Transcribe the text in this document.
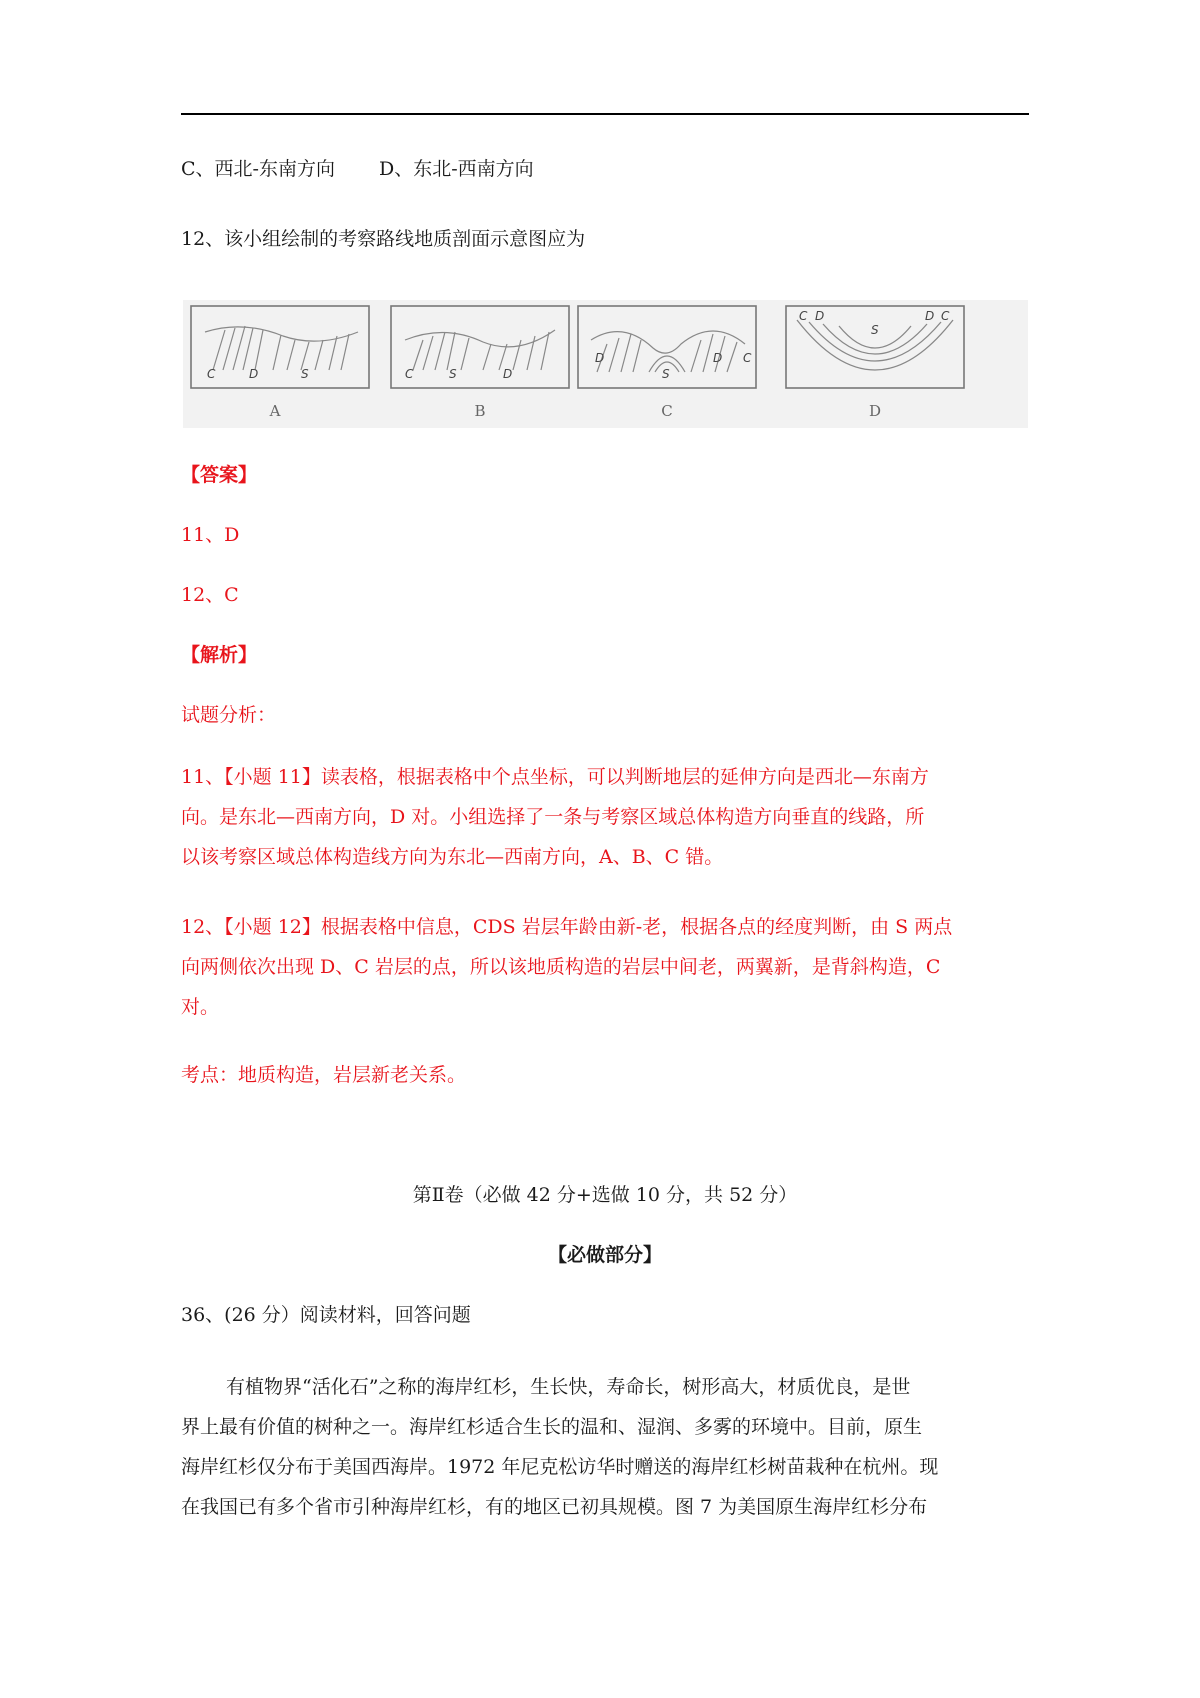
C、西北-东南方向 D、东北-西南方向
12、该小组绘制的考察路线地质剖面示意图应为
A	B	C	D
C	D	S	C	S	D
D
S
D C
C D
S
D C
【答案】
11、D
12、C
【解析】
试题分析：
11、【小题 11】读表格，根据表格中个点坐标，可以判断地层的延伸方向是西北—东南方
向。是东北—西南方向，D 对。小组选择了一条与考察区域总体构造方向垂直的线路，所
以该考察区域总体构造线方向为东北—西南方向，A、B、C 错。
12、【小题 12】根据表格中信息，CDS 岩层年龄由新-老，根据各点的经度判断，由 S 两点
向两侧依次出现 D、C 岩层的点，所以该地质构造的岩层中间老，两翼新，是背斜构造，C
对。
考点：地质构造，岩层新老关系。
第Ⅱ卷（必做 42 分+选做 10 分，共 52 分）
【必做部分】
36、(26 分）阅读材料，回答问题
有植物界“活化石”之称的海岸红杉，生长快，寿命长，树形高大，材质优良，是世
界上最有价值的树种之一。海岸红杉适合生长的温和、湿润、多雾的环境中。目前，原生
海岸红杉仅分布于美国西海岸。1972 年尼克松访华时赠送的海岸红杉树苗栽种在杭州。现
在我国已有多个省市引种海岸红杉，有的地区已初具规模。图 7 为美国原生海岸红杉分布
